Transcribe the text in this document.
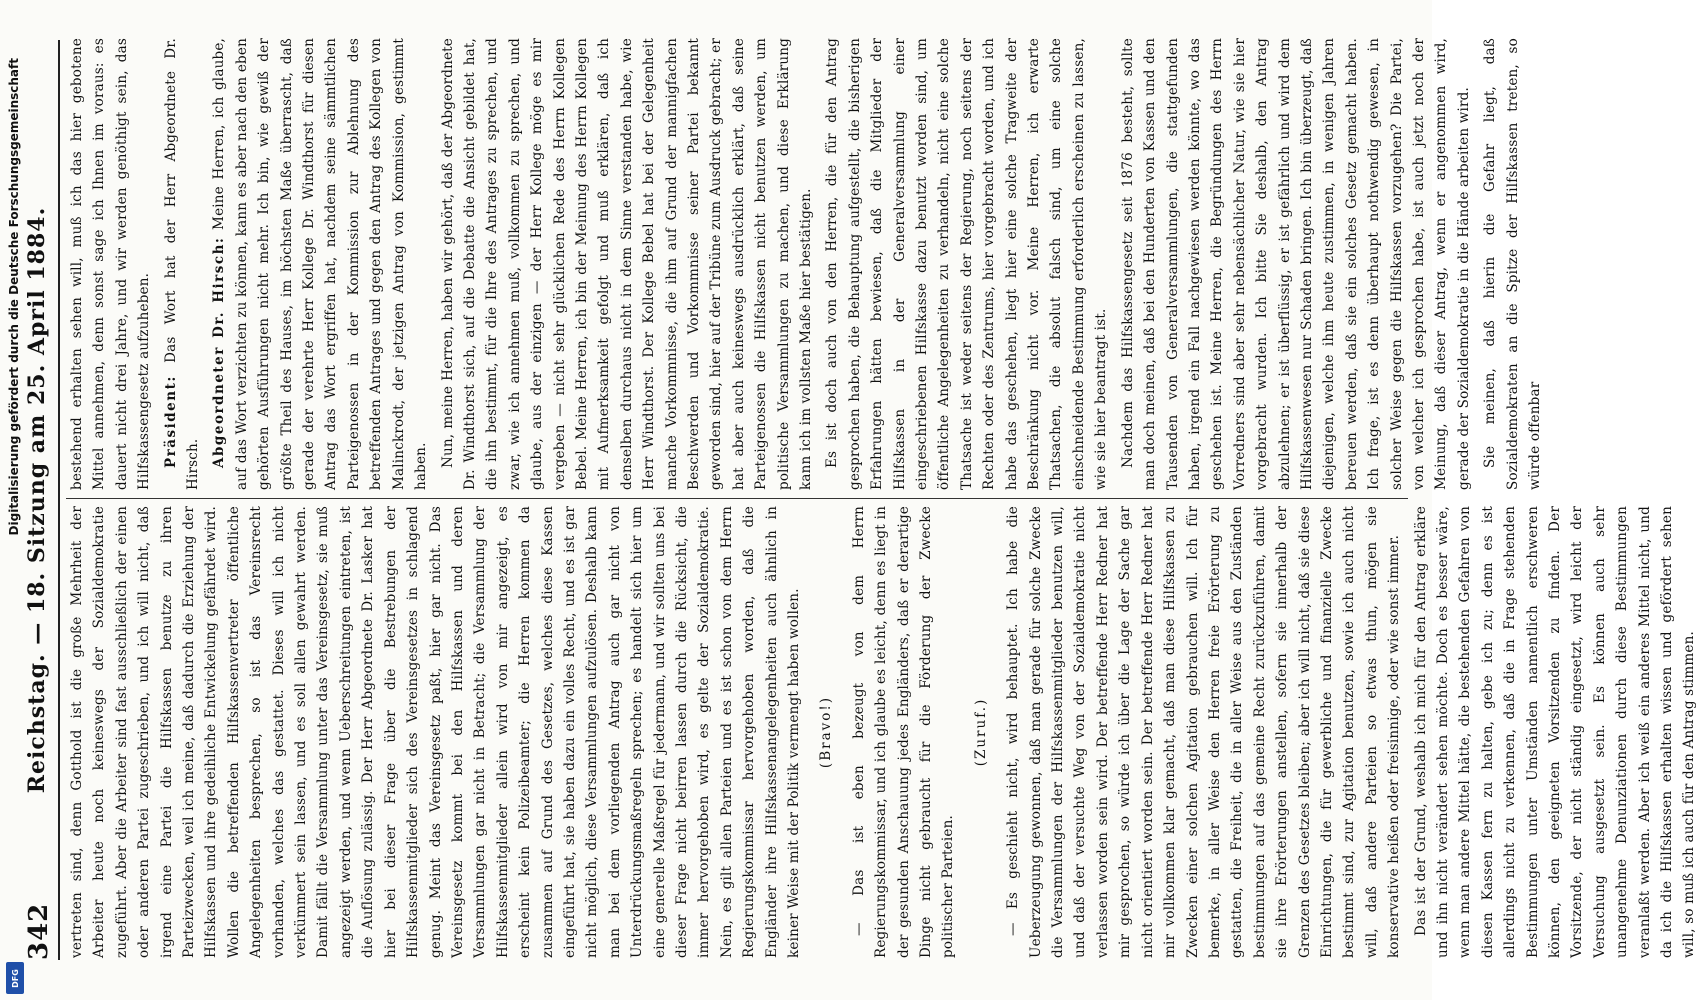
342
Reichstag. — 18. Sitzung am 25. April 1884. vertreten sind, denn Gotthold ist die große Mehrheit der Arbeiter heute noch keineswegs der Sozialdemokratie zugeführt. Aber die Arbeiter sind fast ausschließlich der einen oder anderen Partei zugeschrieben, und ich will nicht, daß irgend eine Partei die Hilfskassen benutze zu ihren Parteizwecken, weil ich meine, daß dadurch die Erziehung der Hilfskassen und ihre gedeihliche Entwickelung gefährdet wird. Wollen die betreffenden Hilfskassenvertreter öffentliche Angelegenheiten besprechen, so ist das Vereinsrecht vorhanden, welches das gestattet. Dieses will ich nicht verkümmert sein lassen, und es soll allen gewahrt werden. Damit fällt die Versammlung unter das Vereinsgesetz, sie muß angezeigt werden, und wenn Ueberschreitungen eintreten, ist die Auflösung zulässig. Der Herr Abgeordnete Dr. Lasker hat hier bei dieser Frage über die Bestrebungen der Hilfskassenmitglieder sich des Vereinsgesetzes in schlagend genug. Meint das Vereinsgesetz paßt, hier gar nicht. Das Vereinsgesetz kommt bei den Hilfskassen und deren Versammlungen gar nicht in Betracht; die Versammlung der Hilfskassenmitglieder allein wird von mir angezeigt, es erscheint kein Polizeibeamter; die Herren kommen da zusammen auf Grund des Gesetzes, welches diese Kassen eingeführt hat, sie haben dazu ein volles Recht, und es ist gar nicht möglich, diese Versammlungen aufzulösen. Deshalb kann man bei dem vorliegenden Antrag auch gar nicht von Unterdrückungsmaßregeln sprechen; es handelt sich hier um eine generelle Maßregel für jedermann, und wir sollten uns bei dieser Frage nicht beirren lassen durch die Rücksicht, die immer hervorgehoben wird, es gelte der Sozialdemokratie. Nein, es gilt allen Parteien und es ist schon von dem Herrn Regierungskommissar hervorgehoben worden, daß die Engländer ihre Hilfskassenangelegenheiten auch ähnlich in keiner Weise mit der Politik vermengt haben wollen. (Bravo!) — Das ist eben bezeugt von dem Herrn Regierungskommissar, und ich glaube es leicht, denn es liegt in der gesunden Anschauung jedes Engländers, daß er derartige Dinge nicht gebraucht für die Förderung der Zwecke politischer Parteien.

(Zuruf.) — Es geschieht nicht, wird behauptet. Ich habe die Ueberzeugung gewonnen, daß man gerade für solche Zwecke die Versammlungen der Hilfskassenmitglieder benutzen will, und daß der versuchte Weg von der Sozialdemokratie nicht verlassen worden sein wird. Der betreffende Herr Redner hat mir gesprochen, so würde ich über die Lage der Sache gar nicht orientiert worden sein. Der betreffende Herr Redner hat mir vollkommen klar gemacht, daß man diese Hilfskassen zu Zwecken einer solchen Agitation gebrauchen will. Ich für bemerke, in aller Weise den Herren freie Erörterung zu gestatten, die Freiheit, die in aller Weise aus den Zuständen bestimmungen auf das gemeine Recht zurückzuführen, damit sie ihre Erörterungen anstellen, sofern sie innerhalb der Grenzen des Gesetzes bleiben; aber ich will nicht, daß sie diese Einrichtungen, die für gewerbliche und finanzielle Zwecke bestimmt sind, zur Agitation benutzen, sowie ich auch nicht will, daß andere Parteien so etwas thun, mögen sie konservative heißen oder freisinnige, oder wie sonst immer. Das ist der Grund, weshalb ich mich für den Antrag erkläre und ihn nicht verändert sehen möchte. Doch es besser wäre, wenn man andere Mittel hätte, die bestehenden Gefahren von diesen Kassen fern zu halten, gebe ich zu; denn es ist allerdings nicht zu verkennen, daß die in Frage stehenden Bestimmungen unter Umständen namentlich erschweren können, den geeigneten Vorsitzenden zu finden. Der Vorsitzende, der nicht ständig eingesetzt, wird leicht der Versuchung ausgesetzt sein. Es können auch sehr unangenehme Denunziationen durch diese Bestimmungen veranlaßt werden. Aber ich weiß ein anderes Mittel nicht, und da ich die Hilfskassen erhalten wissen und gefördert sehen will, so muß ich auch für den Antrag stimmen.

bestehend erhalten sehen will, muß ich das hier gebotene Mittel annehmen, denn sonst sage ich Ihnen im voraus: es dauert nicht drei Jahre, und wir werden genöthigt sein, das Hilfskassengesetz aufzuheben. Präsident: Das Wort hat der Herr Abgeordnete Dr. Hirsch. Abgeordneter Dr. Hirsch: Meine Herren, ich glaube, auf das Wort verzichten zu können, kann es aber nach den eben gehörten Ausführungen nicht mehr. Ich bin, wie gewiß der größte Theil des Hauses, im höchsten Maße überrascht, daß gerade der verehrte Herr Kollege Dr. Windthorst für diesen Antrag das Wort ergriffen hat, nachdem seine sämmtlichen Parteigenossen in der Kommission zur Ablehnung des betreffenden Antrages und gegen den Antrag des Kollegen von Malinckrodt, der jetzigen Antrag von Kommission, gestimmt haben. Nun, meine Herren, haben wir gehört, daß der Abgeordnete Dr. Windthorst sich, auf die Debatte die Ansicht gebildet hat, die ihn bestimmt, für die Ihre des Antrages zu sprechen, und zwar, wie ich annehmen muß, vollkommen zu sprechen, und glaube, aus der einzigen — der Herr Kollege möge es mir vergeben — nicht sehr glücklichen Rede des Herrn Kollegen Bebel. Meine Herren, ich bin der Meinung des Herrn Kollegen mit Aufmerksamkeit gefolgt und muß erklären, daß ich denselben durchaus nicht in dem Sinne verstanden habe, wie Herr Windthorst. Der Kollege Bebel hat bei der Gelegenheit manche Vorkommnisse, die ihm auf Grund der mannigfachen Beschwerden und Vorkommnisse seiner Partei bekannt geworden sind, hier auf der Tribüne zum Ausdruck gebracht; er hat aber auch keineswegs ausdrücklich erklärt, daß seine Parteigenossen die Hilfskassen nicht benutzen werden, um politische Versammlungen zu machen, und diese Erklärung kann ich im vollsten Maße hier bestätigen. Es ist doch auch von den Herren, die für den Antrag gesprochen haben, die Behauptung aufgestellt, die bisherigen Erfahrungen hätten bewiesen, daß die Mitglieder der Hilfskassen in der Generalversammlung einer eingeschriebenen Hilfskasse dazu benutzt worden sind, um öffentliche Angelegenheiten zu verhandeln, nicht eine solche Thatsache ist weder seitens der Regierung, noch seitens der Rechten oder des Zentrums, hier vorgebracht worden, und ich habe das geschehen, liegt hier eine solche Tragweite der Beschränkung nicht vor. Meine Herren, ich erwarte Thatsachen, die absolut falsch sind, um eine solche einschneidende Bestimmung erforderlich erscheinen zu lassen, wie sie hier beantragt ist. Nachdem das Hilfskassengesetz seit 1876 besteht, sollte man doch meinen, daß bei den Hunderten von Kassen und den Tausenden von Generalversammlungen, die stattgefunden haben, irgend ein Fall nachgewiesen werden könnte, wo das geschehen ist. Meine Herren, die Begründungen des Herrn Vorredners sind aber sehr nebensächlicher Natur, wie sie hier vorgebracht wurden. Ich bitte Sie deshalb, den Antrag abzulehnen; er ist überflüssig, er ist gefährlich und wird dem Hilfskassenwesen nur Schaden bringen. Ich bin überzeugt, daß diejenigen, welche ihm heute zustimmen, in wenigen Jahren bereuen werden, daß sie ein solches Gesetz gemacht haben. Ich frage, ist es denn überhaupt nothwendig gewesen, in solcher Weise gegen die Hilfskassen vorzugehen? Die Partei, von welcher ich gesprochen habe, ist auch jetzt noch der Meinung, daß dieser Antrag, wenn er angenommen wird, gerade der Sozialdemokratie in die Hände arbeiten wird. Sie meinen, daß hierin die Gefahr liegt, daß Sozialdemokraten an die Spitze der Hilfskassen treten, so würde offenbar

Digitalisierung gefördert durch die Deutsche Forschungsgemeinschaft
DFG
